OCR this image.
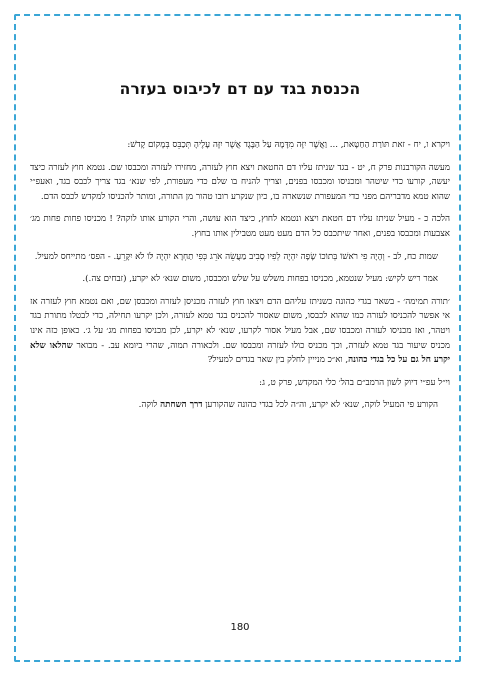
הכנסת בגד עם דם לכיבוס בעזרה

ויקרא ו, יח - זאת תּוֹרַת הַחַטָּאת, ... וַאֲשֶׁר יִזֶּה מִדָּמָהּ עַל הַבֶּגֶד אֲשֶׁר יִזֶּה עָלֶיהָ תְּכַבֵּס בְּמָקוֹם קָדֹשׁ:

מעשה הקורבנות פרק ח, יט - בגד שניתז עליו דם החטאת ויצא חוץ לעזרה, מחזירו לעזרה ומכבסו שם. נטמא חוץ לעזרה כיצד יעשה, קורעו כדי שיטהר ומכניסו ומכבסו בפנים, וצריך להניח בו שלם כדי מעפורת, לפי שנא׳ בגד צריך לכבס בגד, ואעפ״י שהוא טמא מדבריהם מפני כדי המעפורת שנשארה בו, כיון שנקרע רובו טהור מן התורה, ומותר להכניסו למקדש לכבס הדם.

הלכה כ - מעיל שניתז עליו דם חטאת ויצא ונטמא לחוץ, כיצד הוא עושה, והרי הקורע אותו לוקה? ! מכניסו פחות פחות מג׳ אצבעות ומכבסו בפנים, ואחר שיתכבס כל הדם מעט מעט מטבילין אותו בחוץ.

שמות כח, לב - וְהָיָה פִי רֹאשׁוֹ בְּתוֹכוֹ שָׂפָה יִהְיֶה לְפִיו סָבִיב מַעֲשֵׂה אֹרֵג כְּפִי תַחְרָא יִהְיֶה לּוֹ לֹא יִקָּרֵעַ. - הפס׳ מתייחס למעיל.

אמר ריש לקיש: מעיל שנטמא, מכניסו בפחות משלש על שלש ומכבסו, משום שנא׳ לא יקרע, (זבחים צה.).

׳תורה תמימה׳ - בשאר בגדי כהונה כשניתז עליהם הדם ויצאו חוץ לעזרה מכניסן לעזרה ומכבסן שם, ואם נטמא חוץ לעזרה אז אי אפשר להכניסו לעזרה כמו שהוא לכבסו, משום שאסור להכניס בגד טמא לעזרה, ולכן יקרעו תחילה, כדי לבטלו מתורת בגד ויטהר, ואז מכניסו לעזרה ומכבסו שם, אבל מעיל אסור לקרעו, שנא׳ לא יקרע, לכן מכניסו בפחות מג׳ על ג׳. כאופן כזה אינו מכניס שיעור בגד טמא לעזרה, וכך מכניס כולו לעזרה ומכבסו שם. ולכאורה תמוה, שהרי ביומא עב. - מבואר שהלאו שלא יקרע חל גם על כל בגדי כהונה, וא״כ מנייין לחלק בין שאר בגדים למעיל?

וי״ל עפ״י דיוק לשון הרמב״ם בהל׳ כלי המקדש, פרק ט, ג:

הקורע פי המעיל לוקה, שנא׳ לא יקרע, וה״ה לכל בגדי כהונה שהקורען דרך השחתה לוקה.

180
